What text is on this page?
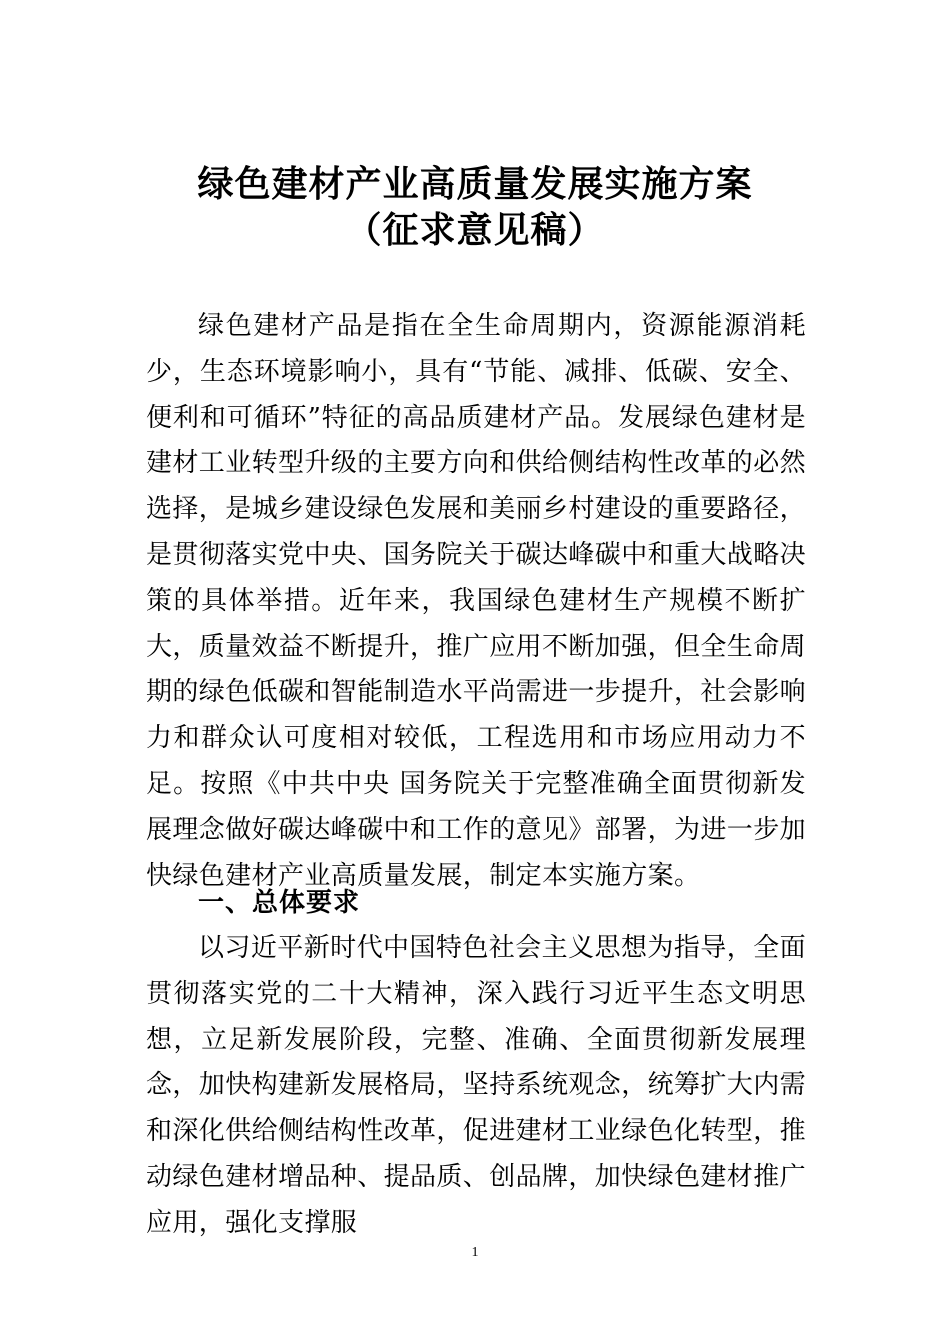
绿色建材产业高质量发展实施方案
（征求意见稿）

绿色建材产品是指在全生命周期内，资源能源消耗少，生态环境影响小，具有“节能、减排、低碳、安全、便利和可循环”特征的高品质建材产品。发展绿色建材是建材工业转型升级的主要方向和供给侧结构性改革的必然选择，是城乡建设绿色发展和美丽乡村建设的重要路径，是贯彻落实党中央、国务院关于碳达峰碳中和重大战略决策的具体举措。近年来，我国绿色建材生产规模不断扩大，质量效益不断提升，推广应用不断加强，但全生命周期的绿色低碳和智能制造水平尚需进一步提升，社会影响力和群众认可度相对较低，工程选用和市场应用动力不足。按照《中共中央 国务院关于完整准确全面贯彻新发展理念做好碳达峰碳中和工作的意见》部署，为进一步加快绿色建材产业高质量发展，制定本实施方案。

一、总体要求

以习近平新时代中国特色社会主义思想为指导，全面贯彻落实党的二十大精神，深入践行习近平生态文明思想，立足新发展阶段，完整、准确、全面贯彻新发展理念，加快构建新发展格局，坚持系统观念，统筹扩大内需和深化供给侧结构性改革，促进建材工业绿色化转型，推动绿色建材增品种、提品质、创品牌，加快绿色建材推广应用，强化支撑服

1
